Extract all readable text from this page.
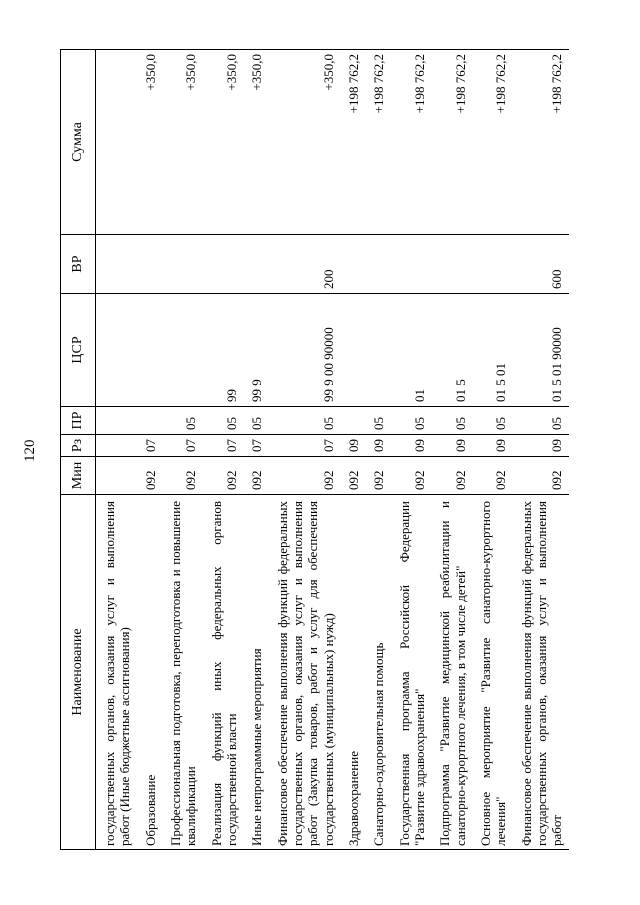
120
Наименование	Мин	Рз	ПР	ЦСР	ВР	Сумма
государственных органов, оказания услуг и выполнения работ (Иные бюджетные ассигнования)						
Образование	092	07				+350,0
Профессиональная подготовка, переподготовка и повышение квалификации	092	07	05			+350,0
Реализация функций иных федеральных органов государственной власти	092	07	05	99		+350,0
Иные непрограммные мероприятия	092	07	05	99 9		+350,0
Финансовое обеспечение выполнения функций федеральных государственных органов, оказания услуг и выполнения работ (Закупка товаров, работ и услуг для обеспечения государственных (муниципальных) нужд)	092	07	05	99 9 00 90000	200	+350,0
Здравоохранение	092	09				+198 762,2
Санаторно-оздоровительная помощь	092	09	05			+198 762,2
Государственная программа Российской Федерации "Развитие здравоохранения"	092	09	05	01		+198 762,2
Подпрограмма "Развитие медицинской реабилитации и санаторно-курортного лечения, в том числе детей"	092	09	05	01 5		+198 762,2
Основное мероприятие "Развитие санаторно-курортного лечения"	092	09	05	01 5 01		+198 762,2
Финансовое обеспечение выполнения функций федеральных государственных органов, оказания услуг и выполнения работ	092	09	05	01 5 01 90000	600	+198 762,2
